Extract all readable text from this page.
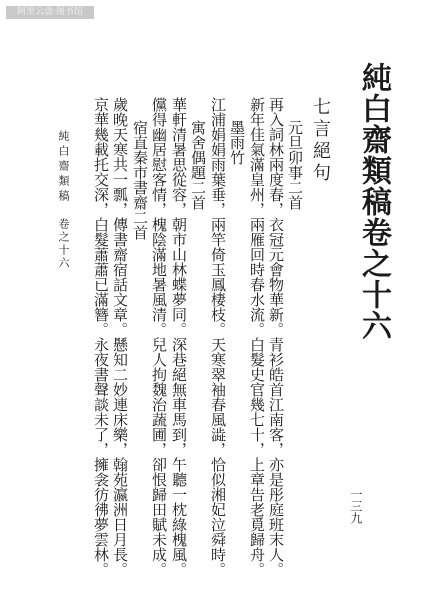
阿里云盘·图书馆
純白齋類稿卷之十六
七言絕句
元旦卯事二首
再入詞林兩度春，衣冠元會物華新。青衫皓首江南客，亦是彤庭班末人。
新年佳氣滿皇州，兩雁回時春水流。白髮史官幾七十，上章告老覓歸舟。
墨雨竹
江浦娟娟雨葉垂，兩竿倚玉鳳棲枝。天寒翠袖春風澁，恰似湘妃泣舜時。
寓舍偶題二首
華軒清暑思從容，朝市山林蝶夢同。深巷絕無車馬到，午聽一枕綠槐風。
儻得幽居慰客情，槐陰滿地暑風清。兒人拘魏治蔬圃，卻恨歸田賦未成。
宿直秦市書齋二首
歲晚天寒共一瓢，傳書齋宿話文章。懸知二妙連床樂，翰苑瀛洲日月長。
京華幾載托交深，白髮蕭蕭已滿簪。永夜書聲談未了，擁衾彷彿夢雲林。
純白齋類稿
卷之十六
一三九
